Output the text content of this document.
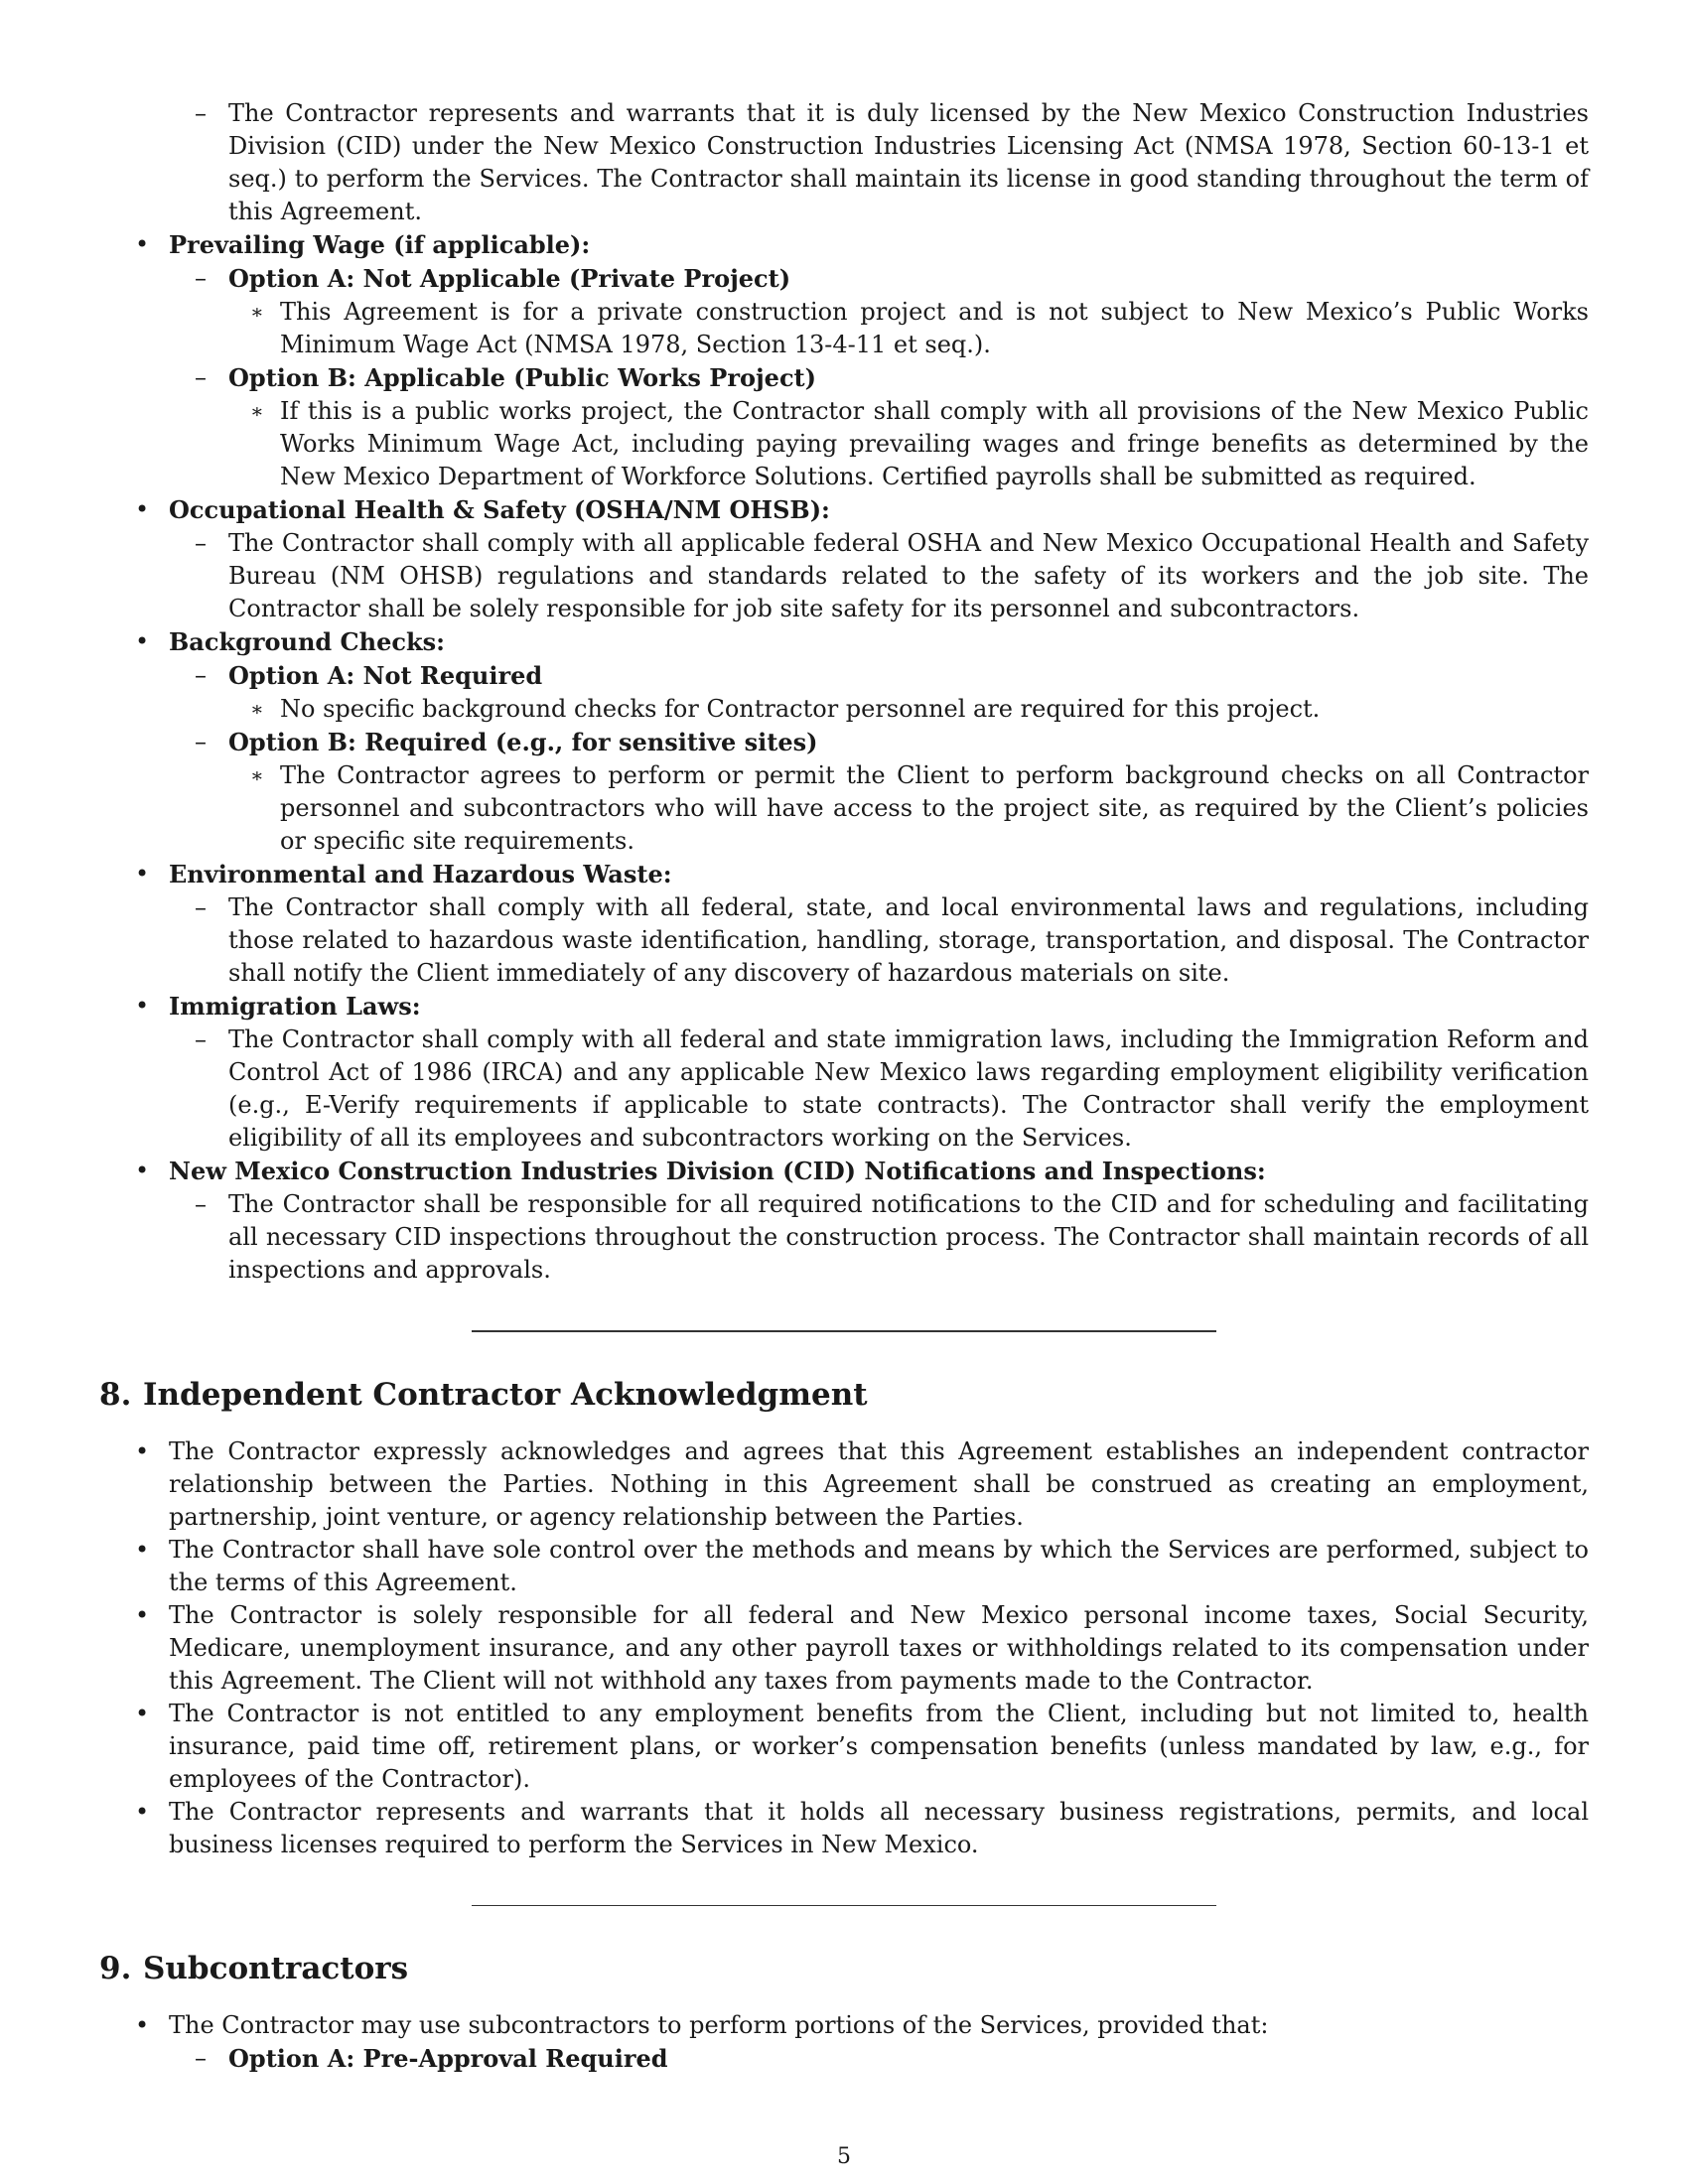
– The Contractor represents and warrants that it is duly licensed by the New Mexico Construction Industries Division (CID) under the New Mexico Construction Industries Licensing Act (NMSA 1978, Section 60-13-1 et seq.) to perform the Services. The Contractor shall maintain its license in good standing throughout the term of this Agreement.
• Prevailing Wage (if applicable):
– Option A: Not Applicable (Private Project)
∗ This Agreement is for a private construction project and is not subject to New Mexico’s Public Works Minimum Wage Act (NMSA 1978, Section 13-4-11 et seq.).
– Option B: Applicable (Public Works Project)
∗ If this is a public works project, the Contractor shall comply with all provisions of the New Mexico Public Works Minimum Wage Act, including paying prevailing wages and fringe benefits as determined by the New Mexico Department of Workforce Solutions. Certified payrolls shall be submitted as required.
• Occupational Health & Safety (OSHA/NM OHSB):
– The Contractor shall comply with all applicable federal OSHA and New Mexico Occupational Health and Safety Bureau (NM OHSB) regulations and standards related to the safety of its workers and the job site. The Contractor shall be solely responsible for job site safety for its personnel and subcontractors.
• Background Checks:
– Option A: Not Required
∗ No specific background checks for Contractor personnel are required for this project.
– Option B: Required (e.g., for sensitive sites)
∗ The Contractor agrees to perform or permit the Client to perform background checks on all Contractor personnel and subcontractors who will have access to the project site, as required by the Client’s policies or specific site requirements.
• Environmental and Hazardous Waste:
– The Contractor shall comply with all federal, state, and local environmental laws and regulations, including those related to hazardous waste identification, handling, storage, transportation, and disposal. The Contractor shall notify the Client immediately of any discovery of hazardous materials on site.
• Immigration Laws:
– The Contractor shall comply with all federal and state immigration laws, including the Immigration Reform and Control Act of 1986 (IRCA) and any applicable New Mexico laws regarding employment eligibility verification (e.g., E-Verify requirements if applicable to state contracts). The Contractor shall verify the employment eligibility of all its employees and subcontractors working on the Services.
• New Mexico Construction Industries Division (CID) Notifications and Inspections:
– The Contractor shall be responsible for all required notifications to the CID and for scheduling and facilitating all necessary CID inspections throughout the construction process. The Contractor shall maintain records of all inspections and approvals.
8. Independent Contractor Acknowledgment
• The Contractor expressly acknowledges and agrees that this Agreement establishes an independent contractor relationship between the Parties. Nothing in this Agreement shall be construed as creating an employment, partnership, joint venture, or agency relationship between the Parties.
• The Contractor shall have sole control over the methods and means by which the Services are performed, subject to the terms of this Agreement.
• The Contractor is solely responsible for all federal and New Mexico personal income taxes, Social Security, Medicare, unemployment insurance, and any other payroll taxes or withholdings related to its compensation under this Agreement. The Client will not withhold any taxes from payments made to the Contractor.
• The Contractor is not entitled to any employment benefits from the Client, including but not limited to, health insurance, paid time off, retirement plans, or worker’s compensation benefits (unless mandated by law, e.g., for employees of the Contractor).
• The Contractor represents and warrants that it holds all necessary business registrations, permits, and local business licenses required to perform the Services in New Mexico.
9. Subcontractors
• The Contractor may use subcontractors to perform portions of the Services, provided that:
– Option A: Pre-Approval Required
5
